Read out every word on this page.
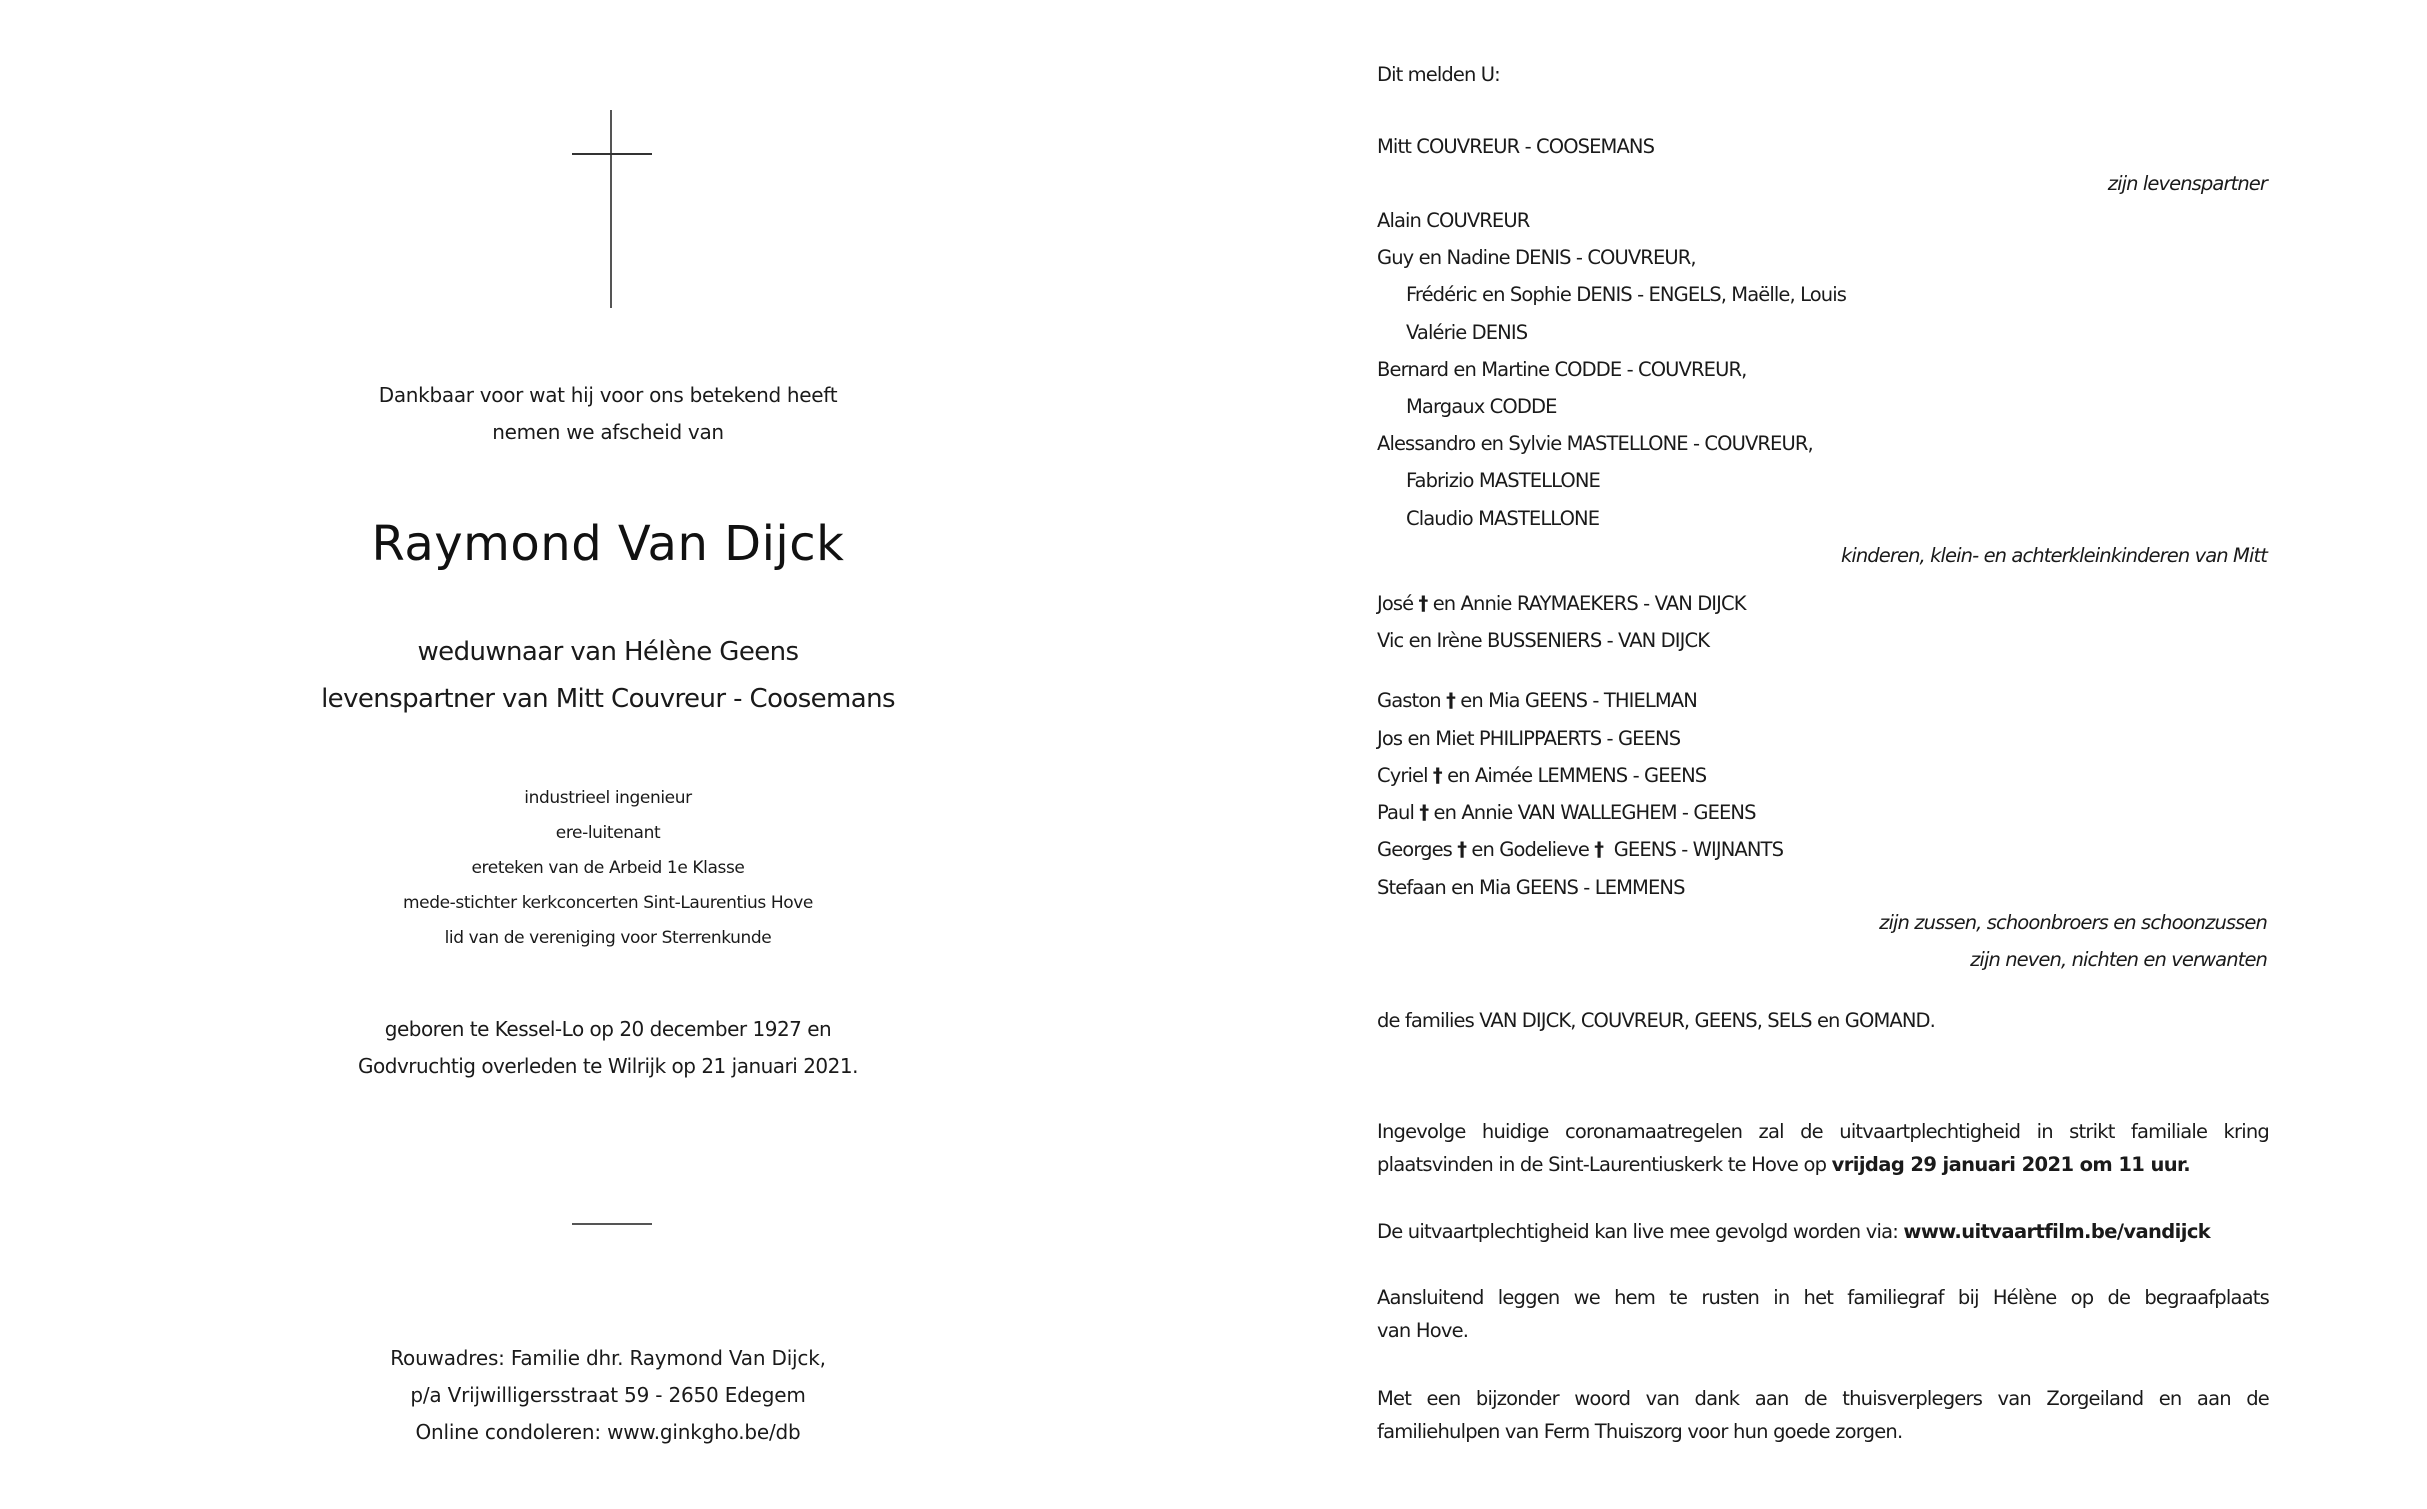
Dankbaar voor wat hij voor ons betekend heeft
nemen we afscheid van
Raymond Van Dijck
weduwnaar van Hélène Geens
levenspartner van Mitt Couvreur - Coosemans
industrieel ingenieur
ere-luitenant
ereteken van de Arbeid 1e Klasse
mede-stichter kerkconcerten Sint-Laurentius Hove
lid van de vereniging voor Sterrenkunde
geboren te Kessel-Lo op 20 december 1927 en
Godvruchtig overleden te Wilrijk op 21 januari 2021.
Rouwadres: Familie dhr. Raymond Van Dijck,
p/a Vrijwilligersstraat 59 - 2650 Edegem
Online condoleren: www.ginkgho.be/db
Dit melden U:
Mitt COUVREUR - COOSEMANS
zijn levenspartner
Alain COUVREUR
Guy en Nadine DENIS - COUVREUR,
Frédéric en Sophie DENIS - ENGELS, Maëlle, Louis
Valérie DENIS
Bernard en Martine CODDE - COUVREUR,
Margaux CODDE
Alessandro en Sylvie MASTELLONE - COUVREUR,
Fabrizio MASTELLONE
Claudio MASTELLONE
kinderen, klein- en achterkleinkinderen van Mitt
José † en Annie RAYMAEKERS - VAN DIJCK
Vic en Irène BUSSENIERS - VAN DIJCK
Gaston † en Mia GEENS - THIELMAN
Jos en Miet PHILIPPAERTS - GEENS
Cyriel † en Aimée LEMMENS - GEENS
Paul † en Annie VAN WALLEGHEM - GEENS
Georges † en Godelieve †  GEENS - WIJNANTS
Stefaan en Mia GEENS - LEMMENS
zijn zussen, schoonbroers en schoonzussen
zijn neven, nichten en verwanten
de families VAN DIJCK, COUVREUR, GEENS, SELS en GOMAND.
Ingevolge huidige coronamaatregelen zal de uitvaartplechtigheid in strikt familiale kring
plaatsvinden in de Sint-Laurentiuskerk te Hove op vrijdag 29 januari 2021 om 11 uur.
De uitvaartplechtigheid kan live mee gevolgd worden via: www.uitvaartfilm.be/vandijck
Aansluitend leggen we hem te rusten in het familiegraf bij Hélène op de begraafplaats
van Hove.
Met een bijzonder woord van dank aan de thuisverplegers van Zorgeiland en aan de
familiehulpen van Ferm Thuiszorg voor hun goede zorgen.
